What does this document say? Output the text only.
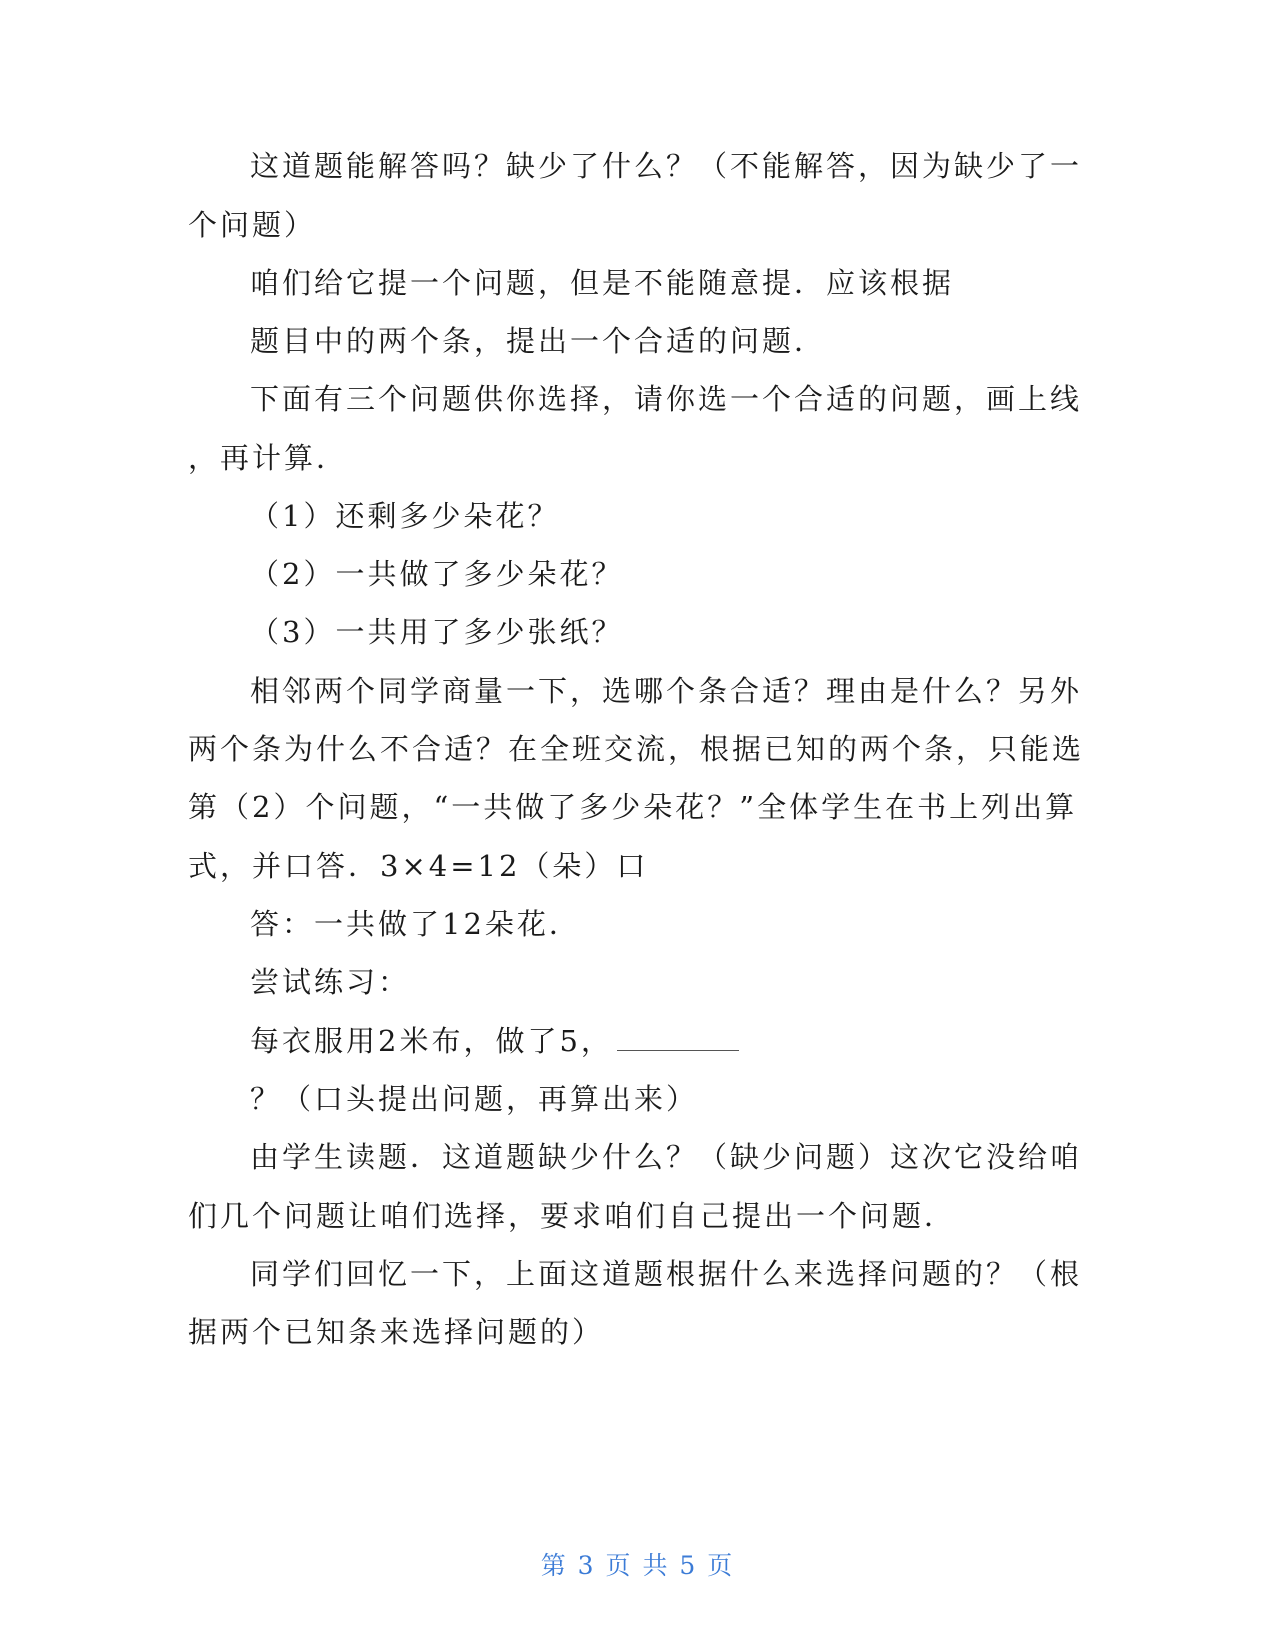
这道题能解答吗？缺少了什么？（不能解答，因为缺少了一
个问题）
咱们给它提一个问题，但是不能随意提．应该根据
题目中的两个条，提出一个合适的问题．
下面有三个问题供你选择，请你选一个合适的问题，画上线
，再计算．
（1）还剩多少朵花？
（2）一共做了多少朵花？
（3）一共用了多少张纸？
相邻两个同学商量一下，选哪个条合适？理由是什么？另外
两个条为什么不合适？在全班交流，根据已知的两个条，只能选
第（2）个问题，“一共做了多少朵花？”全体学生在书上列出算
式，并口答．3×4=12（朵）口
答：一共做了12朵花．
尝试练习：
每衣服用2米布，做了5，
？（口头提出问题，再算出来）
由学生读题．这道题缺少什么？（缺少问题）这次它没给咱
们几个问题让咱们选择，要求咱们自己提出一个问题．
同学们回忆一下，上面这道题根据什么来选择问题的？（根
据两个已知条来选择问题的）
第 3 页 共 5 页
